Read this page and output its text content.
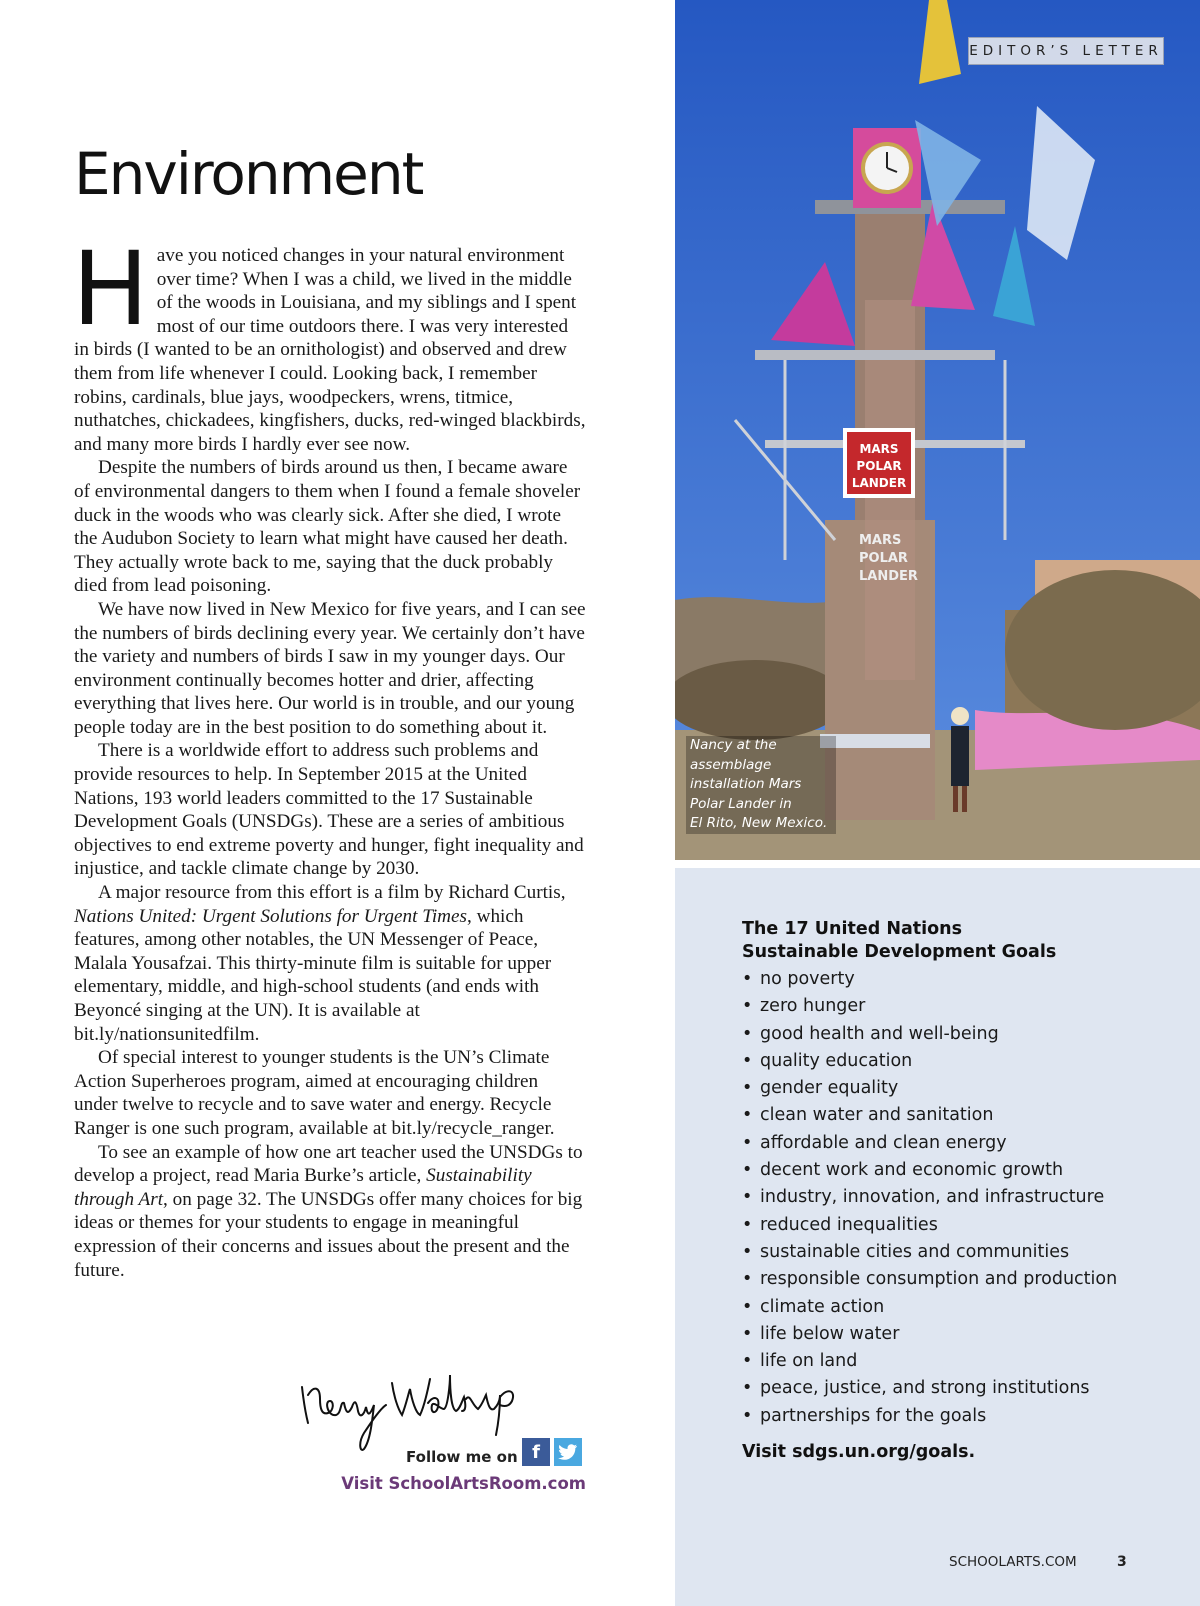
Environment

Have you noticed changes in your natural environment over time? When I was a child, we lived in the middle of the woods in Louisiana, and my siblings and I spent most of our time outdoors there. I was very interested in birds (I wanted to be an ornithologist) and observed and drew them from life whenever I could. Looking back, I remember robins, cardinals, blue jays, woodpeckers, wrens, titmice, nuthatches, chickadees, kingfishers, ducks, red-winged blackbirds, and many more birds I hardly ever see now.

Despite the numbers of birds around us then, I became aware of environmental dangers to them when I found a female shoveler duck in the woods who was clearly sick. After she died, I wrote the Audubon Society to learn what might have caused her death. They actually wrote back to me, saying that the duck probably died from lead poisoning.

We have now lived in New Mexico for five years, and I can see the numbers of birds declining every year. We certainly don’t have the variety and numbers of birds I saw in my younger days. Our environment continually becomes hotter and drier, affecting everything that lives here. Our world is in trouble, and our young people today are in the best position to do something about it.

There is a worldwide effort to address such problems and provide resources to help. In September 2015 at the United Nations, 193 world leaders committed to the 17 Sustainable Development Goals (UNSDGs). These are a series of ambitious objectives to end extreme poverty and hunger, fight inequality and injustice, and tackle climate change by 2030.

A major resource from this effort is a film by Richard Curtis, Nations United: Urgent Solutions for Urgent Times, which features, among other notables, the UN Messenger of Peace, Malala Yousafzai. This thirty-minute film is suitable for upper elementary, middle, and high-school students (and ends with Beyoncé singing at the UN). It is available at bit.ly/nationsunitedfilm.

Of special interest to younger students is the UN’s Climate Action Superheroes program, aimed at encouraging children under twelve to recycle and to save water and energy. Recycle Ranger is one such program, available at bit.ly/recycle_ranger.

To see an example of how one art teacher used the UNSDGs to develop a project, read Maria Burke’s article, Sustainability through Art, on page 32. The UNSDGs offer many choices for big ideas or themes for your students to engage in meaningful expression of their concerns and issues about the present and the future.

Follow me on f
Visit SchoolArtsRoom.com
MARS
POLAR
LANDER
MARS
POLAR
LANDER
EDITOR’S LETTER
Nancy at the
assemblage
installation Mars
Polar Lander in
El Rito, New Mexico.
The 17 United Nations
Sustainable Development Goals
• no poverty
• zero hunger
• good health and well-being
• quality education
• gender equality
• clean water and sanitation
• affordable and clean energy
• decent work and economic growth
• industry, innovation, and infrastructure
• reduced inequalities
• sustainable cities and communities
• responsible consumption and production
• climate action
• life below water
• life on land
• peace, justice, and strong institutions
• partnerships for the goals
Visit sdgs.un.org/goals.
SCHOOLARTS.COM	3
